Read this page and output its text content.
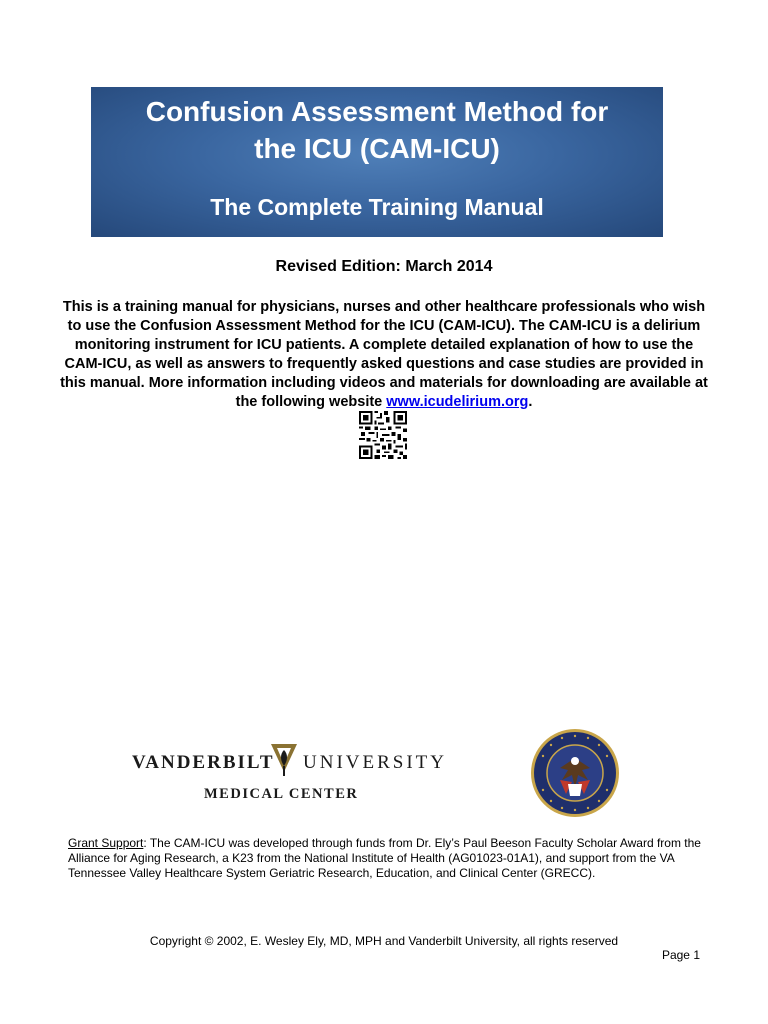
Confusion Assessment Method for
the ICU (CAM-ICU)
The Complete Training Manual
Revised Edition: March 2014
This is a training manual for physicians, nurses and other healthcare professionals who wish to use the Confusion Assessment Method for the ICU (CAM-ICU). The CAM-ICU is a delirium monitoring instrument for ICU patients. A complete detailed explanation of how to use the CAM-ICU, as well as answers to frequently asked questions and case studies are provided in this manual. More information including videos and materials for downloading are available at the following website www.icudelirium.org.
VANDERBILT UNIVERSITY
MEDICAL CENTER
Grant Support: The CAM-ICU was developed through funds from Dr. Ely’s Paul Beeson Faculty Scholar Award from the Alliance for Aging Research, a K23 from the National Institute of Health (AG01023-01A1), and support from the VA Tennessee Valley Healthcare System Geriatric Research, Education, and Clinical Center (GRECC).
Copyright © 2002, E. Wesley Ely, MD, MPH and Vanderbilt University, all rights reserved
Page 1
